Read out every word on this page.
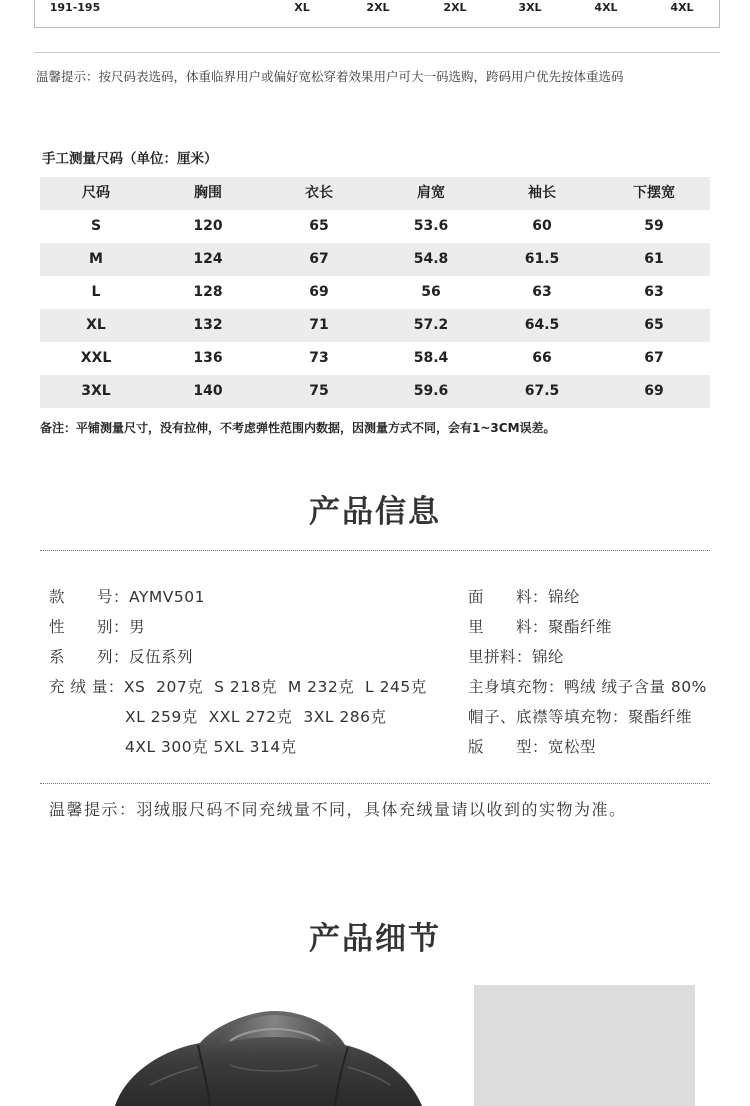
191-195	XL	2XL	2XL	3XL	4XL	4XL
温馨提示：按尺码表选码，体重临界用户或偏好宽松穿着效果用户可大一码选购，跨码用户优先按体重选码
手工测量尺码（单位：厘米）
尺码	胸围	衣长	肩宽	袖长	下摆宽
S	120	65	53.6	60	59
M	124	67	54.8	61.5	61
L	128	69	56	63	63
XL	132	71	57.2	64.5	65
XXL	136	73	58.4	66	67
3XL	140	75	59.6	67.5	69
备注：平铺测量尺寸，没有拉伸，不考虑弹性范围内数据，因测量方式不同，会有1~3CM误差。
产品信息
款　　号：AYMV501
性　　别：男
系　　列：反伍系列
充 绒 量：XS  207克  S 218克  M 232克  L 245克
XL 259克  XXL 272克  3XL 286克
4XL 300克 5XL 314克
面　　料：锦纶
里　　料：聚酯纤维
里拼料：锦纶
主身填充物：鸭绒 绒子含量 80%
帽子、底襟等填充物：聚酯纤维
版　　型：宽松型
温馨提示：羽绒服尺码不同充绒量不同，具体充绒量请以收到的实物为准。
产品细节
